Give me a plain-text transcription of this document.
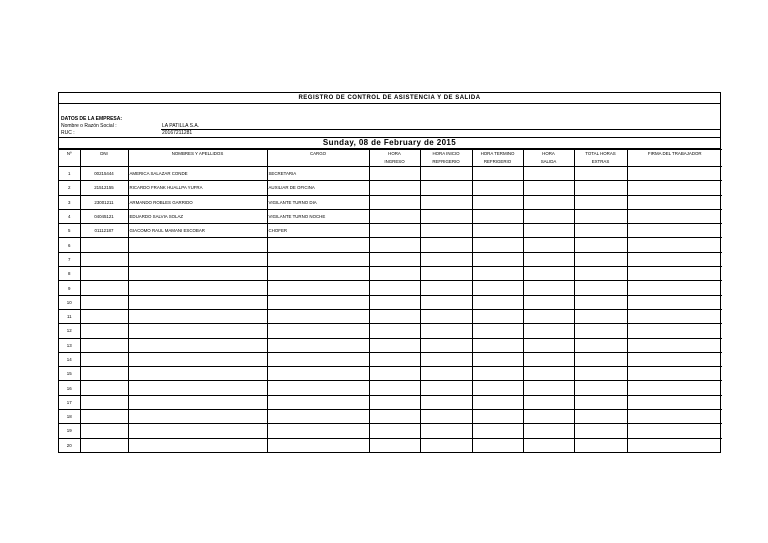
REGISTRO DE CONTROL DE ASISTENCIA Y DE SALIDA
DATOS DE LA EMPRESA:
Nombre o Razón Social :	LA PATILLA S.A.
RUC :	20167211281
Sunday, 08 de February de 2015
Nº	DNI	NOMBRES Y APELLIDOS	CARGO	HORA	HORA INICIO	HORA TERMINO	HORA	TOTAL HORAS	FIRMA DEL TRABAJADOR
				INGRESO	REFRIGERIO	REFRIGERIO	SALIDA	EXTRAS	
1	00215444	AMERICA SALAZAR CONDE	SECRETARIA						
2	21512155	RICARDO FRANK HUALLPA YUFRA	AUXILIAR DE OFICINA						
3	23001211	ARMANDO ROBLES GARRIDO	VIGILANTE TURNO DIA						
4	04045121	EDUARDO SALVIA SOLAZ	VIGILANTE TURNO NOCHE						
5	01112187	GIACOMO RAUL MAMANI ESCOBAR	CHOFER						
6									
7									
8									
9									
10									
11									
12									
13									
14									
15									
16									
17									
18									
19									
20									
